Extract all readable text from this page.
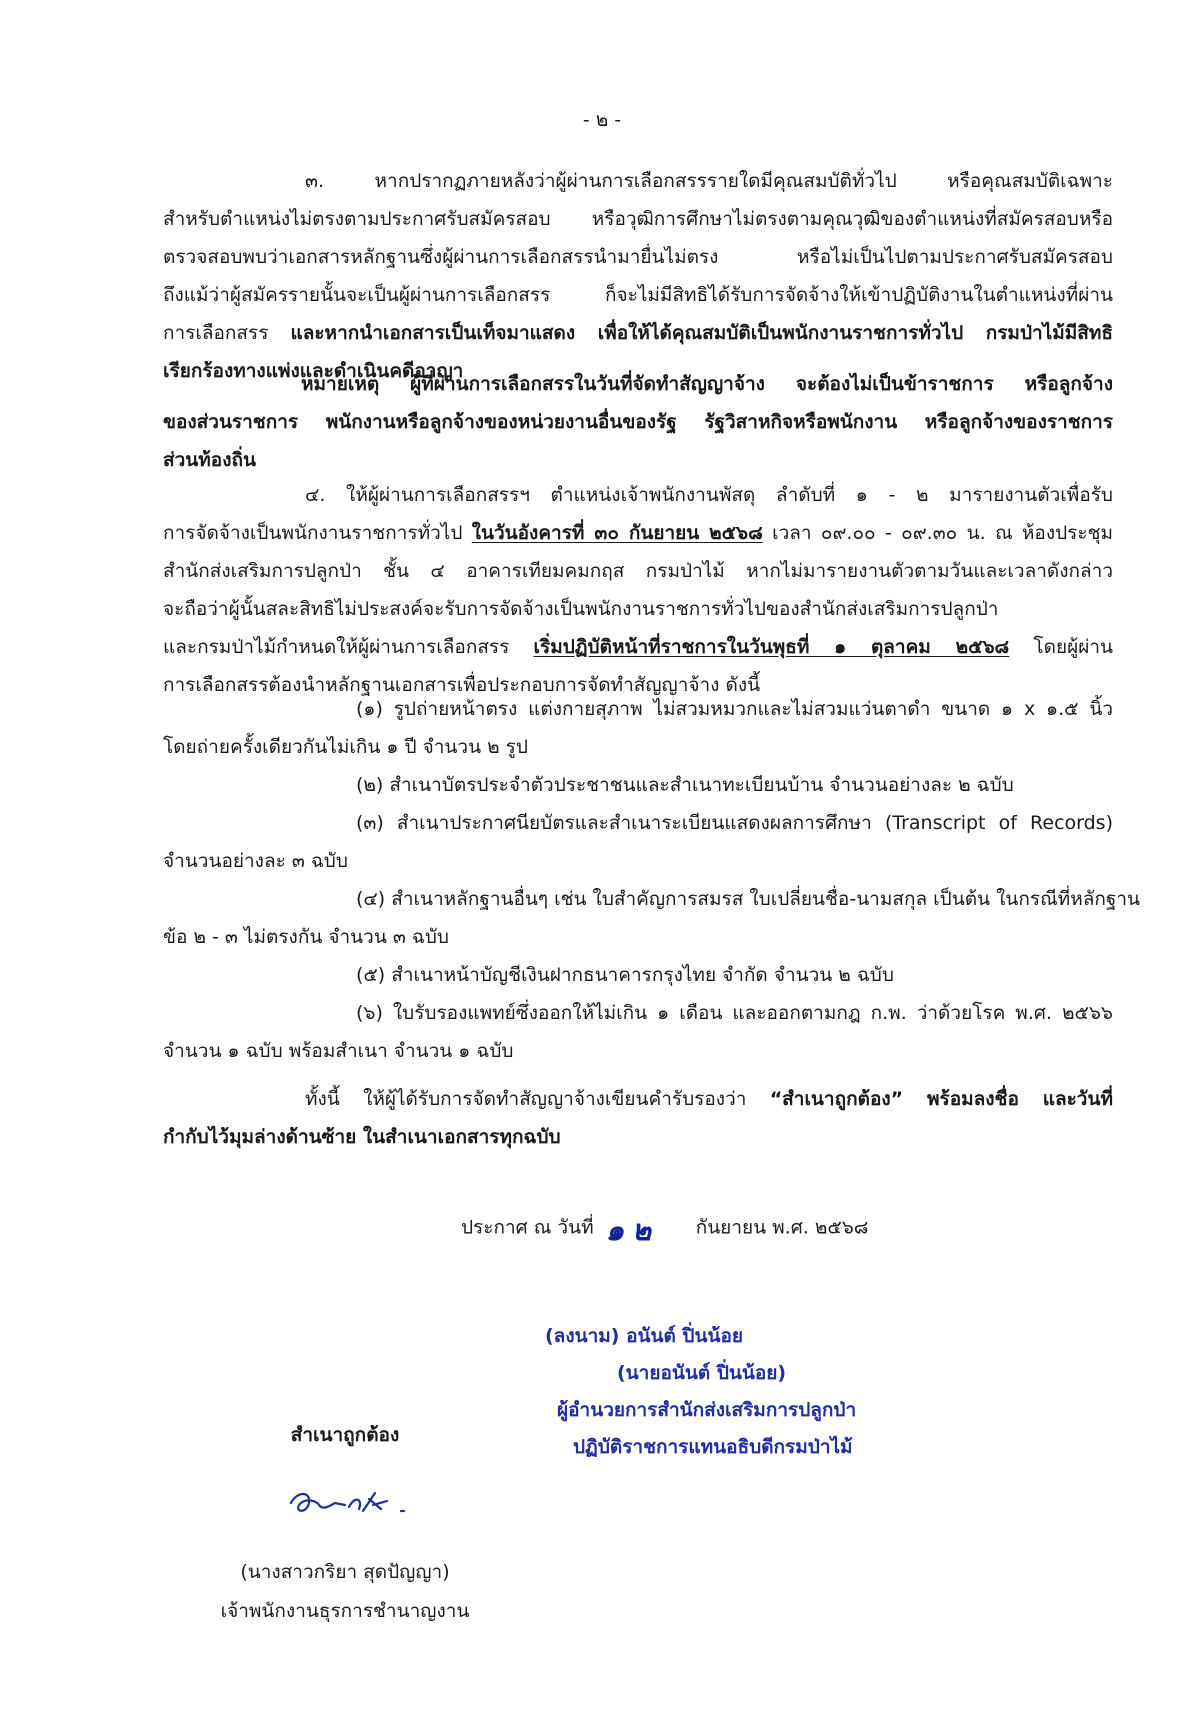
- ๒ -
๓. หากปรากฏภายหลังว่าผู้ผ่านการเลือกสรรรายใดมีคุณสมบัติทั่วไป หรือคุณสมบัติเฉพาะ
สำหรับตำแหน่งไม่ตรงตามประกาศรับสมัครสอบ หรือวุฒิการศึกษาไม่ตรงตามคุณวุฒิของตำแหน่งที่สมัครสอบหรือ
ตรวจสอบพบว่าเอกสารหลักฐานซึ่งผู้ผ่านการเลือกสรรนำมายื่นไม่ตรง หรือไม่เป็นไปตามประกาศรับสมัครสอบ
ถึงแม้ว่าผู้สมัครรายนั้นจะเป็นผู้ผ่านการเลือกสรร ก็จะไม่มีสิทธิได้รับการจัดจ้างให้เข้าปฏิบัติงานในตำแหน่งที่ผ่าน
การเลือกสรร และหากนำเอกสารเป็นเท็จมาแสดง เพื่อให้ได้คุณสมบัติเป็นพนักงานราชการทั่วไป กรมป่าไม้มีสิทธิ
เรียกร้องทางแพ่งและดำเนินคดีอาญา
หมายเหตุ ผู้ที่ผ่านการเลือกสรรในวันที่จัดทำสัญญาจ้าง จะต้องไม่เป็นข้าราชการ หรือลูกจ้าง
ของส่วนราชการ พนักงานหรือลูกจ้างของหน่วยงานอื่นของรัฐ รัฐวิสาหกิจหรือพนักงาน หรือลูกจ้างของราชการ
ส่วนท้องถิ่น
๔. ให้ผู้ผ่านการเลือกสรรฯ ตำแหน่งเจ้าพนักงานพัสดุ ลำดับที่ ๑ - ๒ มารายงานตัวเพื่อรับ
การจัดจ้างเป็นพนักงานราชการทั่วไป ในวันอังคารที่ ๓๐ กันยายน ๒๕๖๘ เวลา ๐๙.๐๐ - ๐๙.๓๐ น. ณ ห้องประชุม
สำนักส่งเสริมการปลูกป่า ชั้น ๔ อาคารเทียมคมกฤส กรมป่าไม้ หากไม่มารายงานตัวตามวันและเวลาดังกล่าว
จะถือว่าผู้นั้นสละสิทธิไม่ประสงค์จะรับการจัดจ้างเป็นพนักงานราชการทั่วไปของสำนักส่งเสริมการปลูกป่า
และกรมป่าไม้กำหนดให้ผู้ผ่านการเลือกสรร เริ่มปฏิบัติหน้าที่ราชการในวันพุธที่ ๑ ตุลาคม ๒๕๖๘ โดยผู้ผ่าน
การเลือกสรรต้องนำหลักฐานเอกสารเพื่อประกอบการจัดทำสัญญาจ้าง ดังนี้
(๑) รูปถ่ายหน้าตรง แต่งกายสุภาพ ไม่สวมหมวกและไม่สวมแว่นตาดำ ขนาด ๑ x ๑.๕ นิ้ว
โดยถ่ายครั้งเดียวกันไม่เกิน ๑ ปี จำนวน ๒ รูป
(๒) สำเนาบัตรประจำตัวประชาชนและสำเนาทะเบียนบ้าน จำนวนอย่างละ ๒ ฉบับ
(๓) สำเนาประกาศนียบัตรและสำเนาระเบียนแสดงผลการศึกษา (Transcript of Records)
จำนวนอย่างละ ๓ ฉบับ
(๔) สำเนาหลักฐานอื่นๆ เช่น ใบสำคัญการสมรส ใบเปลี่ยนชื่อ-นามสกุล เป็นต้น ในกรณีที่หลักฐาน
ข้อ ๒ - ๓ ไม่ตรงกัน จำนวน ๓ ฉบับ
(๕) สำเนาหน้าบัญชีเงินฝากธนาคารกรุงไทย จำกัด จำนวน ๒ ฉบับ
(๖) ใบรับรองแพทย์ซึ่งออกให้ไม่เกิน ๑ เดือน และออกตามกฎ ก.พ. ว่าด้วยโรค พ.ศ. ๒๕๖๖
จำนวน ๑ ฉบับ พร้อมสำเนา จำนวน ๑ ฉบับ
ทั้งนี้ ให้ผู้ได้รับการจัดทำสัญญาจ้างเขียนคำรับรองว่า “สำเนาถูกต้อง” พร้อมลงชื่อ และวันที่
กำกับไว้มุมล่างด้านซ้าย ในสำเนาเอกสารทุกฉบับ
ประกาศ ณ วันที่ ๑๒ กันยายน พ.ศ. ๒๕๖๘
(ลงนาม) อนันต์ ปิ่นน้อย
(นายอนันต์ ปิ่นน้อย)
ผู้อำนวยการสำนักส่งเสริมการปลูกป่า
ปฏิบัติราชการแทนอธิบดีกรมป่าไม้
สำเนาถูกต้อง
(นางสาวกริยา สุดปัญญา)
เจ้าพนักงานธุรการชำนาญงาน
